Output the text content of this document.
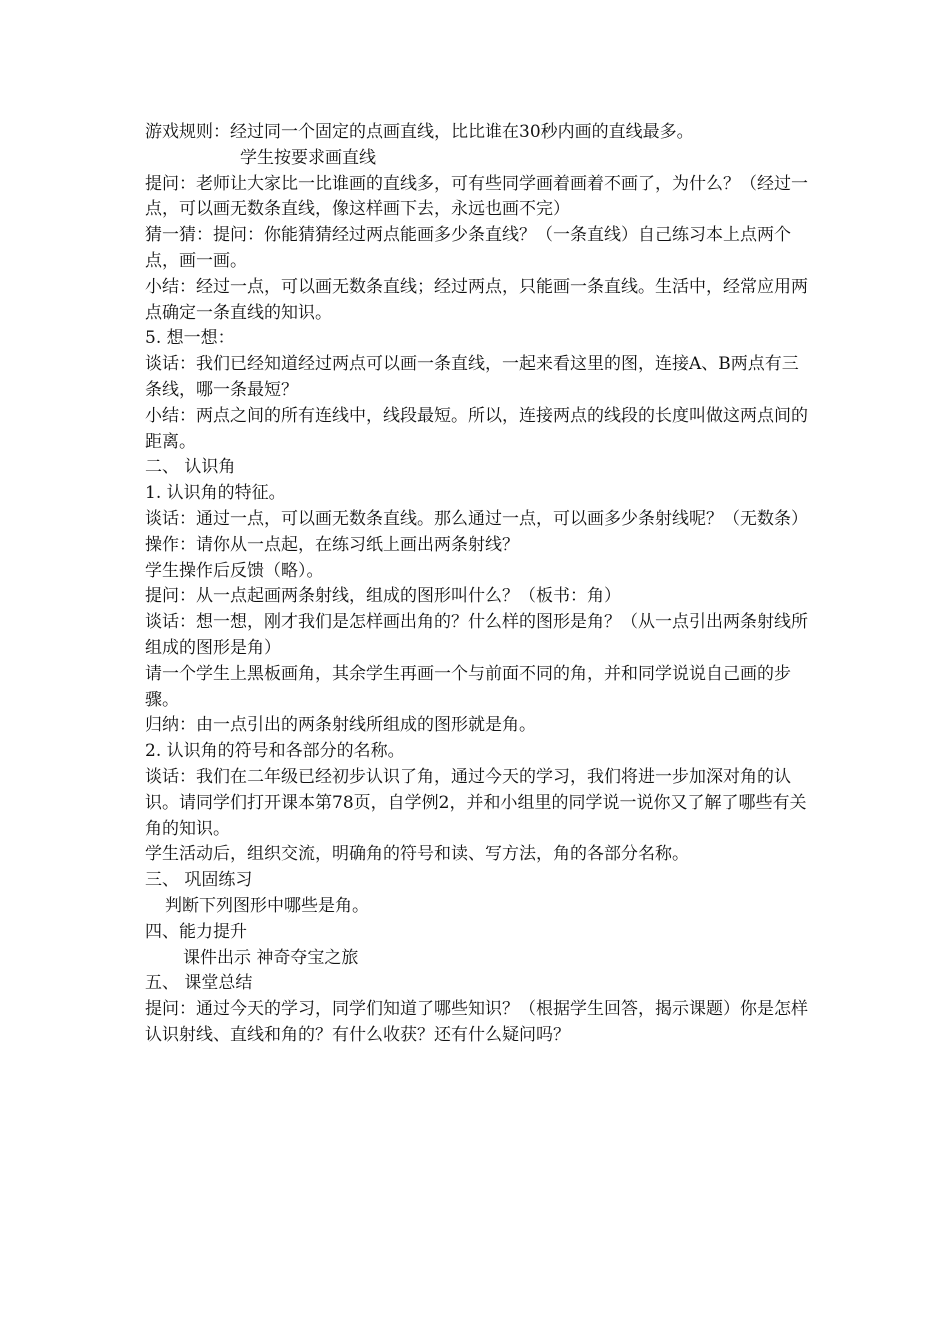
游戏规则：经过同一个固定的点画直线，比比谁在30秒内画的直线最多。

学生按要求画直线

提问：老师让大家比一比谁画的直线多，可有些同学画着画着不画了，为什么？（经过一点，可以画无数条直线，像这样画下去，永远也画不完）

猜一猜：提问：你能猜猜经过两点能画多少条直线？（一条直线）自己练习本上点两个点，画一画。

小结：经过一点，可以画无数条直线；经过两点，只能画一条直线。生活中，经常应用两点确定一条直线的知识。

5. 想一想：

谈话：我们已经知道经过两点可以画一条直线，一起来看这里的图，连接A、B两点有三条线，哪一条最短？

小结：两点之间的所有连线中，线段最短。所以，连接两点的线段的长度叫做这两点间的距离。

二、 认识角

1. 认识角的特征。

谈话：通过一点，可以画无数条直线。那么通过一点，可以画多少条射线呢？（无数条）

操作：请你从一点起，在练习纸上画出两条射线？

学生操作后反馈（略）。

提问：从一点起画两条射线，组成的图形叫什么？（板书：角）

谈话：想一想，刚才我们是怎样画出角的？什么样的图形是角？（从一点引出两条射线所组成的图形是角）

请一个学生上黑板画角，其余学生再画一个与前面不同的角，并和同学说说自己画的步骤。

归纳：由一点引出的两条射线所组成的图形就是角。

2. 认识角的符号和各部分的名称。

谈话：我们在二年级已经初步认识了角，通过今天的学习，我们将进一步加深对角的认识。请同学们打开课本第78页，自学例2，并和小组里的同学说一说你又了解了哪些有关角的知识。

学生活动后，组织交流，明确角的符号和读、写方法，角的各部分名称。

三、 巩固练习

判断下列图形中哪些是角。

四、能力提升

课件出示 神奇夺宝之旅

五、 课堂总结

提问：通过今天的学习，同学们知道了哪些知识？（根据学生回答，揭示课题）你是怎样认识射线、直线和角的？有什么收获？还有什么疑问吗？
